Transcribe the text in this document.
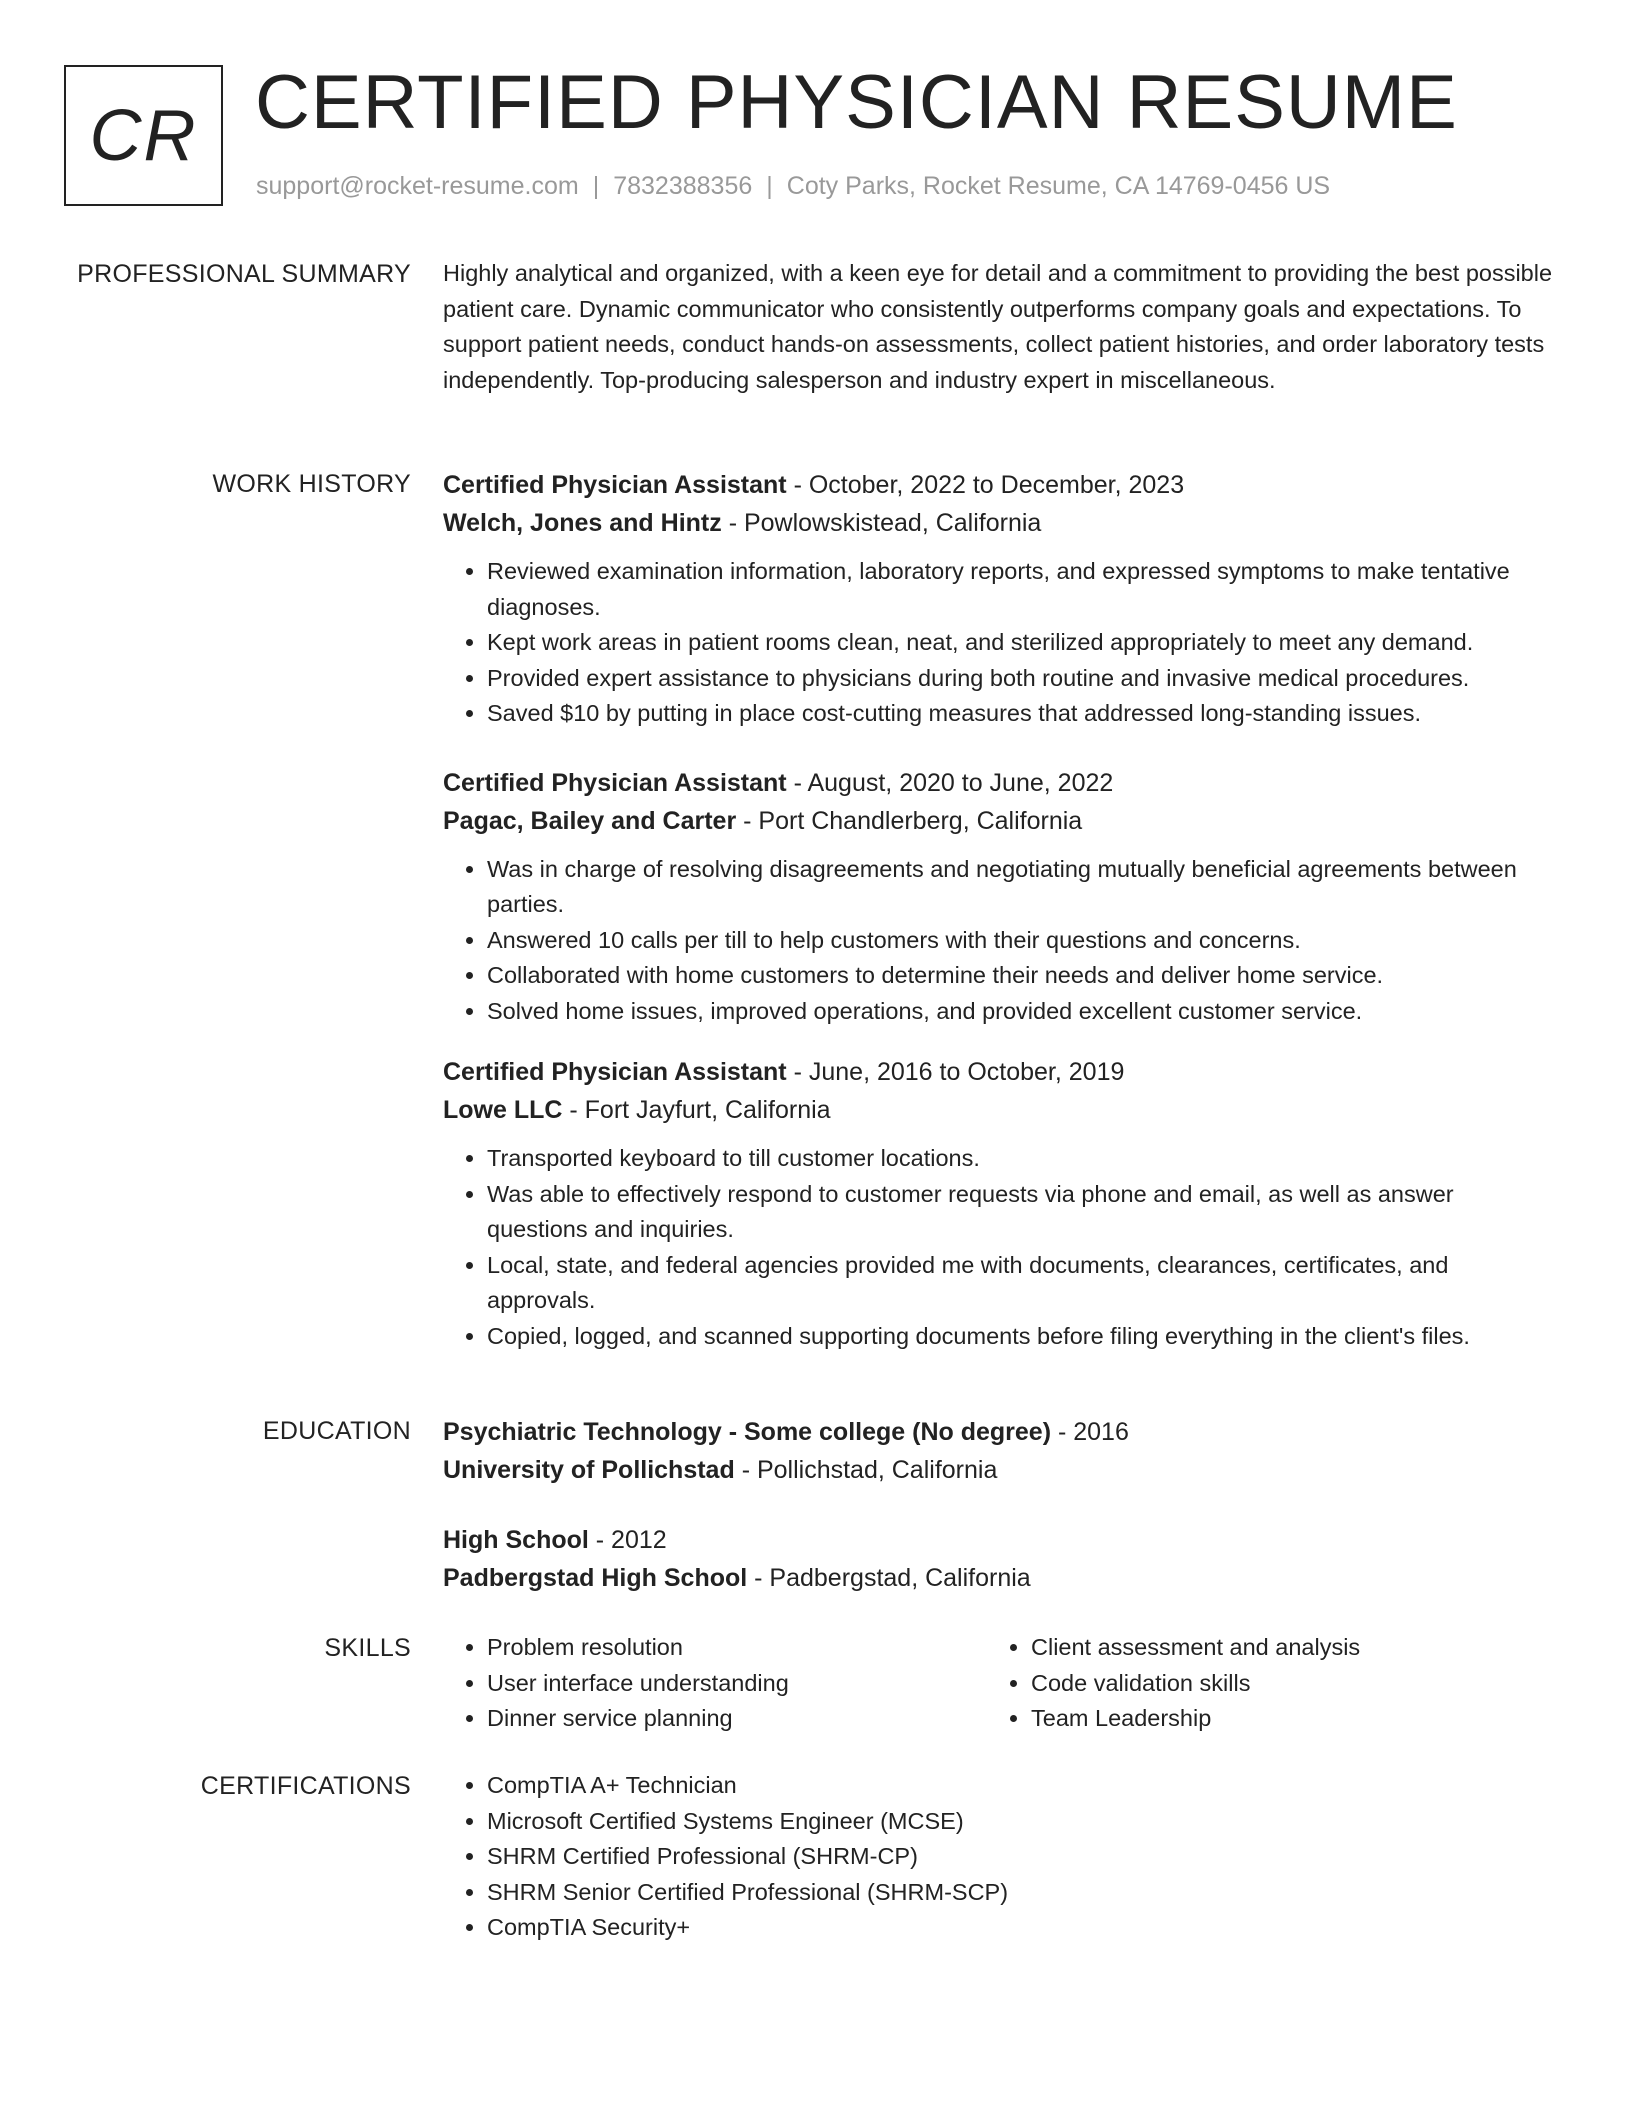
CR CERTIFIED PHYSICIAN RESUME
support@rocket-resume.com | 7832388356 | Coty Parks, Rocket Resume, CA 14769-0456 US
PROFESSIONAL SUMMARY Highly analytical and organized, with a keen eye for detail and a commitment to providing the best possible patient care. Dynamic communicator who consistently outperforms company goals and expectations. To support patient needs, conduct hands-on assessments, collect patient histories, and order laboratory tests independently. Top-producing salesperson and industry expert in miscellaneous.

WORK HISTORY Certified Physician Assistant - October, 2022 to December, 2023
Welch, Jones and Hintz - Powlowskistead, California
• Reviewed examination information, laboratory reports, and expressed symptoms to make tentative diagnoses.
• Kept work areas in patient rooms clean, neat, and sterilized appropriately to meet any demand.
• Provided expert assistance to physicians during both routine and invasive medical procedures.
• Saved $10 by putting in place cost-cutting measures that addressed long-standing issues.
Certified Physician Assistant - August, 2020 to June, 2022
Pagac, Bailey and Carter - Port Chandlerberg, California
• Was in charge of resolving disagreements and negotiating mutually beneficial agreements between parties.
• Answered 10 calls per till to help customers with their questions and concerns.
• Collaborated with home customers to determine their needs and deliver home service.
• Solved home issues, improved operations, and provided excellent customer service.
Certified Physician Assistant - June, 2016 to October, 2019
Lowe LLC - Fort Jayfurt, California
• Transported keyboard to till customer locations.
• Was able to effectively respond to customer requests via phone and email, as well as answer questions and inquiries.
• Local, state, and federal agencies provided me with documents, clearances, certificates, and approvals.
• Copied, logged, and scanned supporting documents before filing everything in the client's files.
EDUCATION Psychiatric Technology - Some college (No degree) - 2016
University of Pollichstad - Pollichstad, California
High School - 2012
Padbergstad High School - Padbergstad, California
SKILLS	• Problem resolution
• User interface understanding
• Dinner service planning
• Client assessment and analysis
• Code validation skills
• Team Leadership
CERTIFICATIONS	• CompTIA A+ Technician
• Microsoft Certified Systems Engineer (MCSE)
• SHRM Certified Professional (SHRM-CP)
• SHRM Senior Certified Professional (SHRM-SCP)
• CompTIA Security+
